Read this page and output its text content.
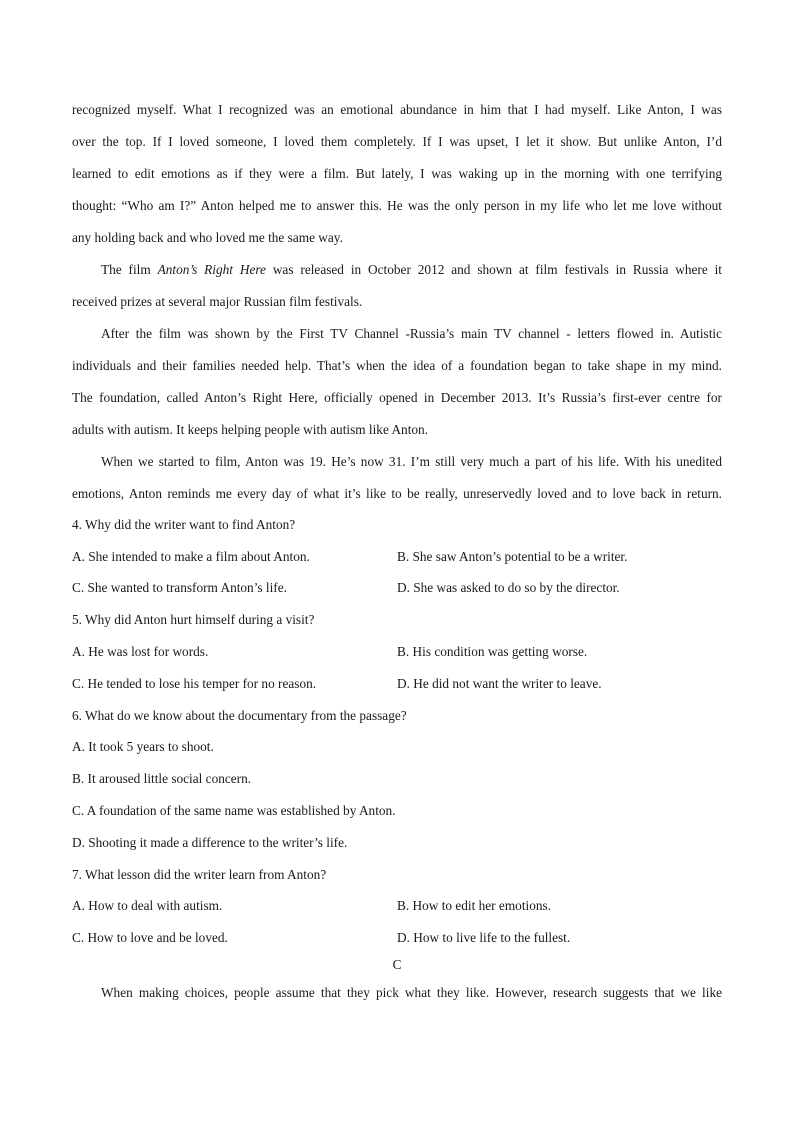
recognized myself. What I recognized was an emotional abundance in him that I had myself. Like Anton, I was
over the top. If I loved someone, I loved them completely. If I was upset, I let it show. But unlike Anton, I’d
learned to edit emotions as if they were a film. But lately, I was waking up in the morning with one terrifying
thought: “Who am I?” Anton helped me to answer this. He was the only person in my life who let me love without
any holding back and who loved me the same way.
The film Anton’s Right Here was released in October 2012 and shown at film festivals in Russia where it
received prizes at several major Russian film festivals.
After the film was shown by the First TV Channel -Russia’s main TV channel - letters flowed in. Autistic
individuals and their families needed help. That’s when the idea of a foundation began to take shape in my mind.
The foundation, called Anton’s Right Here, officially opened in December 2013. It’s Russia’s first-ever centre for
adults with autism. It keeps helping people with autism like Anton.
When we started to film, Anton was 19. He’s now 31. I’m still very much a part of his life. With his unedited
emotions, Anton reminds me every day of what it’s like to be really, unreservedly loved and to love back in return.
4. Why did the writer want to find Anton?
A. She intended to make a film about Anton.	B. She saw Anton’s potential to be a writer.
C. She wanted to transform Anton’s life.	D. She was asked to do so by the director.
5. Why did Anton hurt himself during a visit?
A. He was lost for words.	B. His condition was getting worse.
C. He tended to lose his temper for no reason.	D. He did not want the writer to leave.
6. What do we know about the documentary from the passage?
A. It took 5 years to shoot.
B. It aroused little social concern.
C. A foundation of the same name was established by Anton.
D. Shooting it made a difference to the writer’s life.
7. What lesson did the writer learn from Anton?
A. How to deal with autism.	B. How to edit her emotions.
C. How to love and be loved.	D. How to live life to the fullest.
C
When making choices, people assume that they pick what they like. However, research suggests that we like
